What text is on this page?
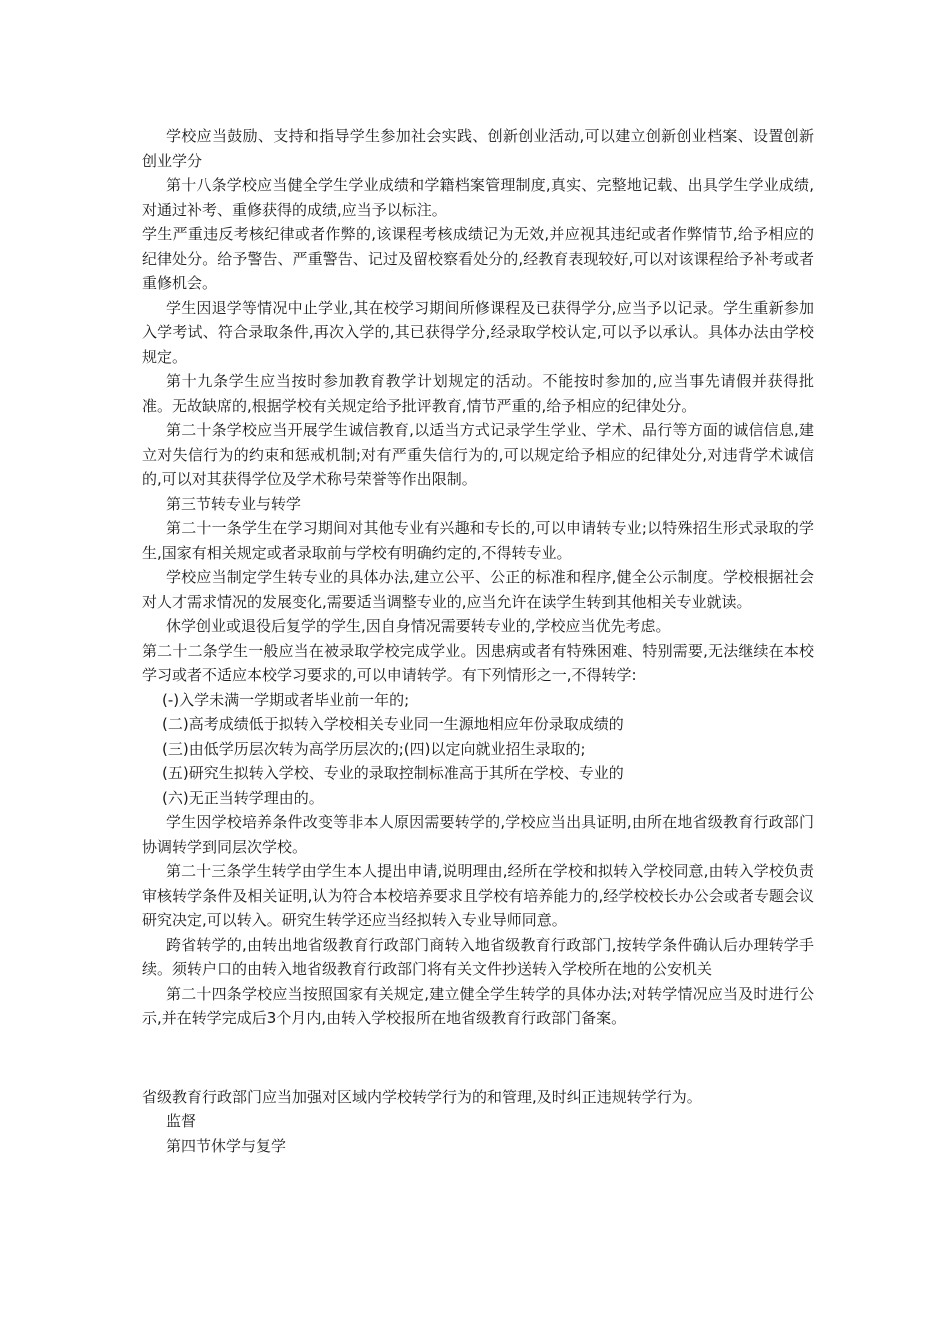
学校应当鼓励、支持和指导学生参加社会实践、创新创业活动,可以建立创新创业档案、设置创新创业学分

第十八条学校应当健全学生学业成绩和学籍档案管理制度,真实、完整地记载、出具学生学业成绩,对通过补考、重修获得的成绩,应当予以标注。

学生严重违反考核纪律或者作弊的,该课程考核成绩记为无效,并应视其违纪或者作弊情节,给予相应的纪律处分。给予警告、严重警告、记过及留校察看处分的,经教育表现较好,可以对该课程给予补考或者重修机会。

学生因退学等情况中止学业,其在校学习期间所修课程及已获得学分,应当予以记录。学生重新参加入学考试、符合录取条件,再次入学的,其已获得学分,经录取学校认定,可以予以承认。具体办法由学校规定。

第十九条学生应当按时参加教育教学计划规定的活动。不能按时参加的,应当事先请假并获得批准。无故缺席的,根据学校有关规定给予批评教育,情节严重的,给予相应的纪律处分。

第二十条学校应当开展学生诚信教育,以适当方式记录学生学业、学术、品行等方面的诚信信息,建立对失信行为的约束和惩戒机制;对有严重失信行为的,可以规定给予相应的纪律处分,对违背学术诚信的,可以对其获得学位及学术称号荣誉等作出限制。

第三节转专业与转学

第二十一条学生在学习期间对其他专业有兴趣和专长的,可以申请转专业;以特殊招生形式录取的学生,国家有相关规定或者录取前与学校有明确约定的,不得转专业。

学校应当制定学生转专业的具体办法,建立公平、公正的标准和程序,健全公示制度。学校根据社会对人才需求情况的发展变化,需要适当调整专业的,应当允许在读学生转到其他相关专业就读。

休学创业或退役后复学的学生,因自身情况需要转专业的,学校应当优先考虑。

第二十二条学生一般应当在被录取学校完成学业。因患病或者有特殊困难、特别需要,无法继续在本校学习或者不适应本校学习要求的,可以申请转学。有下列情形之一,不得转学:

(-)入学未满一学期或者毕业前一年的;

(二)高考成绩低于拟转入学校相关专业同一生源地相应年份录取成绩的

(三)由低学历层次转为高学历层次的;(四)以定向就业招生录取的;

(五)研究生拟转入学校、专业的录取控制标准高于其所在学校、专业的

(六)无正当转学理由的。

学生因学校培养条件改变等非本人原因需要转学的,学校应当出具证明,由所在地省级教育行政部门协调转学到同层次学校。

第二十三条学生转学由学生本人提出申请,说明理由,经所在学校和拟转入学校同意,由转入学校负责审核转学条件及相关证明,认为符合本校培养要求且学校有培养能力的,经学校校长办公会或者专题会议研究决定,可以转入。研究生转学还应当经拟转入专业导师同意。

跨省转学的,由转出地省级教育行政部门商转入地省级教育行政部门,按转学条件确认后办理转学手续。须转户口的由转入地省级教育行政部门将有关文件抄送转入学校所在地的公安机关

第二十四条学校应当按照国家有关规定,建立健全学生转学的具体办法;对转学情况应当及时进行公示,并在转学完成后3个月内,由转入学校报所在地省级教育行政部门备案。

省级教育行政部门应当加强对区域内学校转学行为的和管理,及时纠正违规转学行为。

监督

第四节休学与复学
